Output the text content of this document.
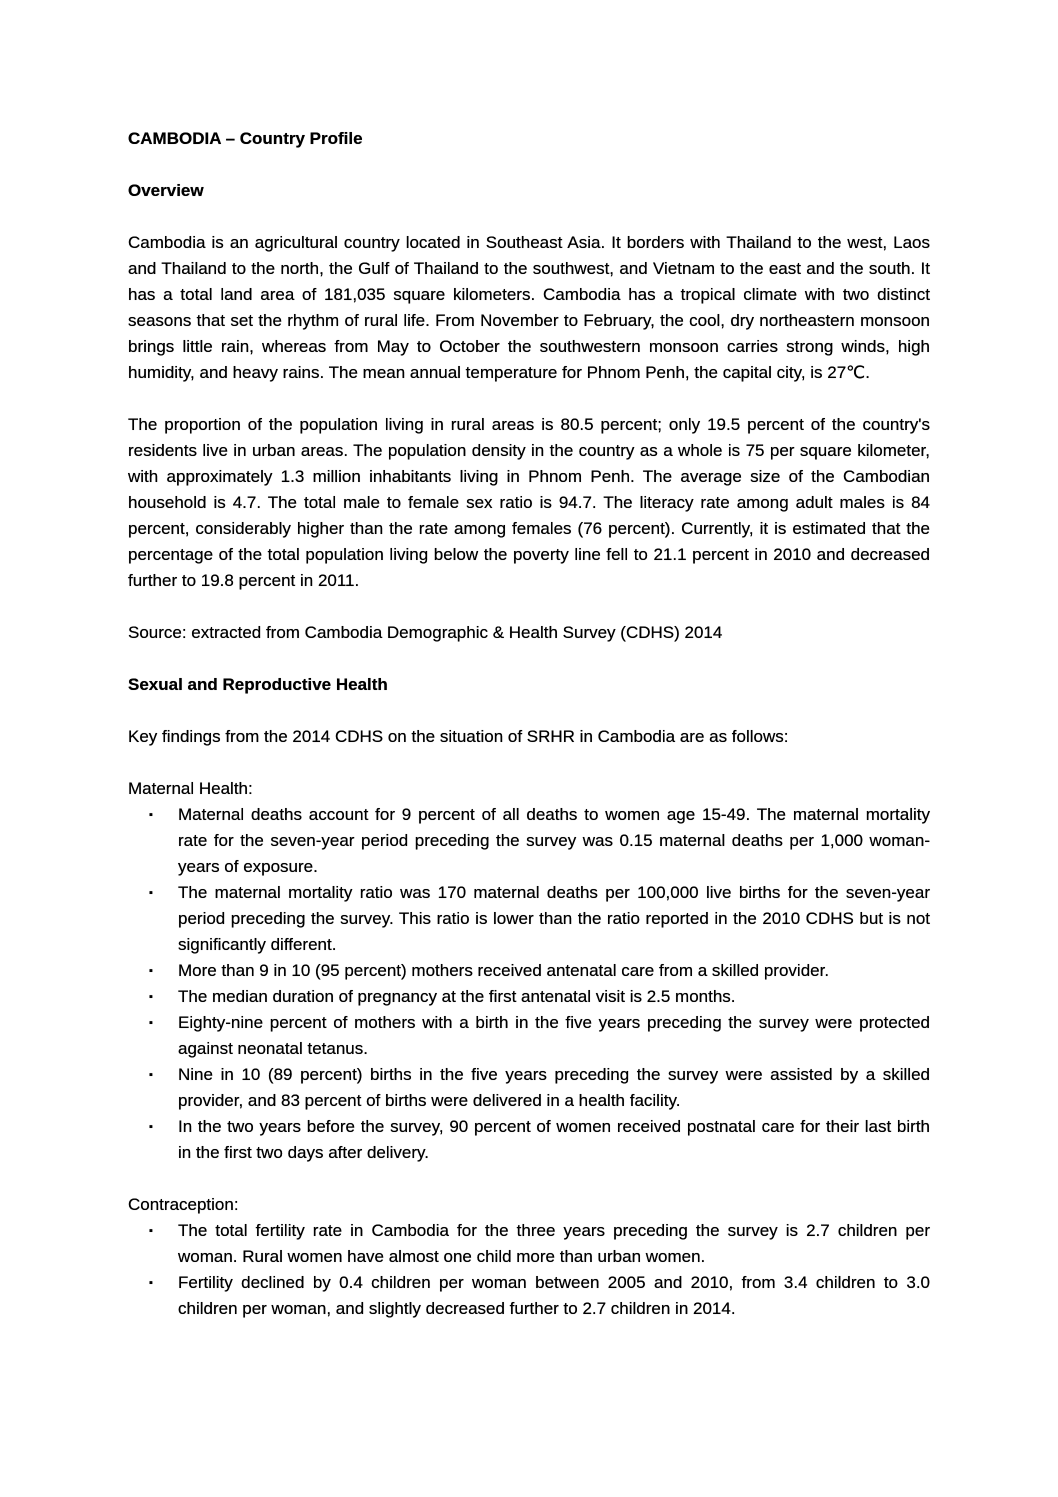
CAMBODIA – Country Profile
Overview

Cambodia is an agricultural country located in Southeast Asia. It borders with Thailand to the west, Laos and Thailand to the north, the Gulf of Thailand to the southwest, and Vietnam to the east and the south. It has a total land area of 181,035 square kilometers. Cambodia has a tropical climate with two distinct seasons that set the rhythm of rural life. From November to February, the cool, dry northeastern monsoon brings little rain, whereas from May to October the southwestern monsoon carries strong winds, high humidity, and heavy rains. The mean annual temperature for Phnom Penh, the capital city, is 27℃.

The proportion of the population living in rural areas is 80.5 percent; only 19.5 percent of the country's residents live in urban areas. The population density in the country as a whole is 75 per square kilometer, with approximately 1.3 million inhabitants living in Phnom Penh. The average size of the Cambodian household is 4.7. The total male to female sex ratio is 94.7. The literacy rate among adult males is 84 percent, considerably higher than the rate among females (76 percent). Currently, it is estimated that the percentage of the total population living below the poverty line fell to 21.1 percent in 2010 and decreased further to 19.8 percent in 2011.

Source: extracted from Cambodia Demographic & Health Survey (CDHS) 2014

Sexual and Reproductive Health

Key findings from the 2014 CDHS on the situation of SRHR in Cambodia are as follows:

Maternal Health:

▪	Maternal deaths account for 9 percent of all deaths to women age 15-49. The maternal mortality rate for the seven-year period preceding the survey was 0.15 maternal deaths per 1,000 woman-years of exposure.
▪	The maternal mortality ratio was 170 maternal deaths per 100,000 live births for the seven-year period preceding the survey. This ratio is lower than the ratio reported in the 2010 CDHS but is not significantly different.
▪	More than 9 in 10 (95 percent) mothers received antenatal care from a skilled provider.
▪	The median duration of pregnancy at the first antenatal visit is 2.5 months.
▪	Eighty-nine percent of mothers with a birth in the five years preceding the survey were protected against neonatal tetanus.
▪	Nine in 10 (89 percent) births in the five years preceding the survey were assisted by a skilled provider, and 83 percent of births were delivered in a health facility.
▪	In the two years before the survey, 90 percent of women received postnatal care for their last birth in the first two days after delivery.

Contraception:

▪	The total fertility rate in Cambodia for the three years preceding the survey is 2.7 children per woman. Rural women have almost one child more than urban women.
▪	Fertility declined by 0.4 children per woman between 2005 and 2010, from 3.4 children to 3.0 children per woman, and slightly decreased further to 2.7 children in 2014.
